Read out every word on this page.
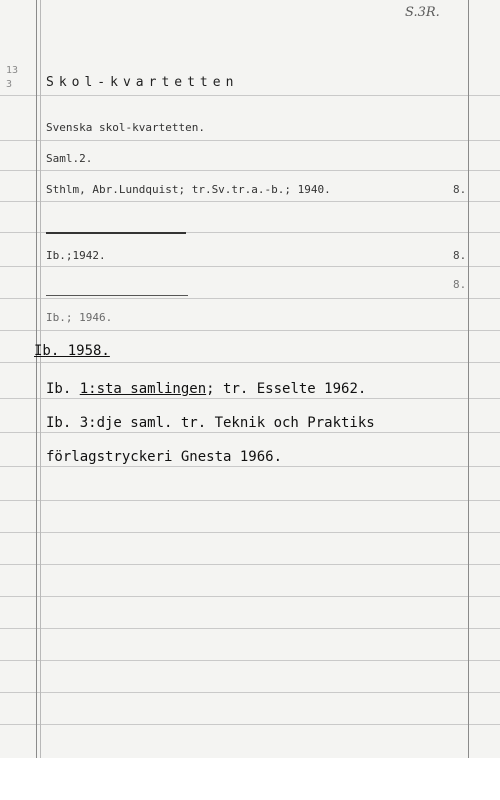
S.3R.
13
3	Skol-kvartetten
Svenska skol-kvartetten.
Saml.2.
Sthlm, Abr.Lundquist; tr.Sv.tr.a.-b.; 1940.	8.
Ib.;1942.	8.
8.
Ib.; 1946.
Ib. 1958.
Ib. 1:sta samlingen; tr. Esselte 1962.
Ib. 3:dje saml. tr. Teknik och Praktiks
förlagstryckeri Gnesta 1966.
